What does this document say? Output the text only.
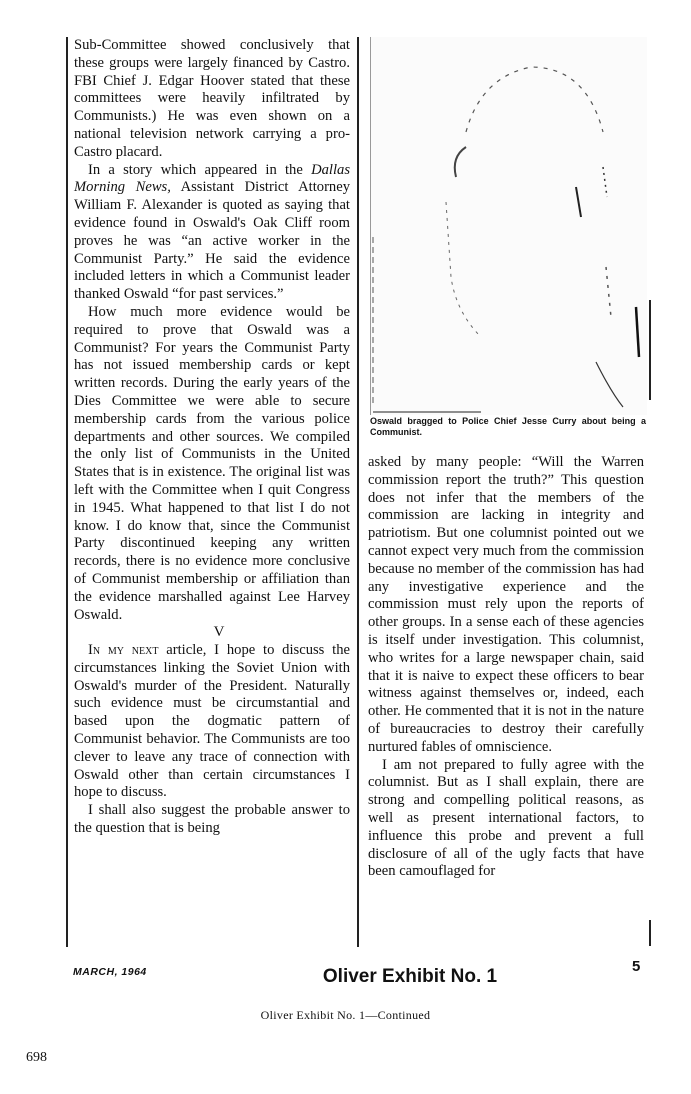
Sub-Committee showed conclusively that these groups were largely financed by Castro. FBI Chief J. Edgar Hoover stated that these committees were heavily infiltrated by Communists.) He was even shown on a national television network carrying a pro-Castro placard.

In a story which appeared in the Dallas Morning News, Assistant District Attorney William F. Alexander is quoted as saying that evidence found in Oswald's Oak Cliff room proves he was “an active worker in the Communist Party.” He said the evidence included letters in which a Communist leader thanked Oswald “for past services.”

How much more evidence would be required to prove that Oswald was a Communist? For years the Communist Party has not issued membership cards or kept written records. During the early years of the Dies Committee we were able to secure membership cards from the various police departments and other sources. We compiled the only list of Communists in the United States that is in existence. The original list was left with the Committee when I quit Congress in 1945. What happened to that list I do not know. I do know that, since the Communist Party discontinued keeping any written records, there is no evidence more conclusive of Communist membership or affiliation than the evidence marshalled against Lee Harvey Oswald.

V

In my next article, I hope to discuss the circumstances linking the Soviet Union with Oswald's murder of the President. Naturally such evidence must be circumstantial and based upon the dogmatic pattern of Communist behavior. The Communists are too clever to leave any trace of connection with Oswald other than certain circumstances I hope to discuss.

I shall also suggest the probable answer to the question that is being

Oswald bragged to Police Chief Jesse Curry about being a Communist.

asked by many people: “Will the Warren commission report the truth?” This question does not infer that the members of the commission are lacking in integrity and patriotism. But one columnist pointed out we cannot expect very much from the commission because no member of the commission has had any investigative experience and the commission must rely upon the reports of other groups. In a sense each of these agencies is itself under investigation. This columnist, who writes for a large newspaper chain, said that it is naive to expect these officers to bear witness against themselves or, indeed, each other. He commented that it is not in the nature of bureaucracies to destroy their carefully nurtured fables of omniscience.

I am not prepared to fully agree with the columnist. But as I shall explain, there are strong and compelling political reasons, as well as present international factors, to influence this probe and prevent a full disclosure of all of the ugly facts that have been camouflaged for

MARCH, 1964	Oliver Exhibit No. 1	5
Oliver Exhibit No. 1—Continued
698
